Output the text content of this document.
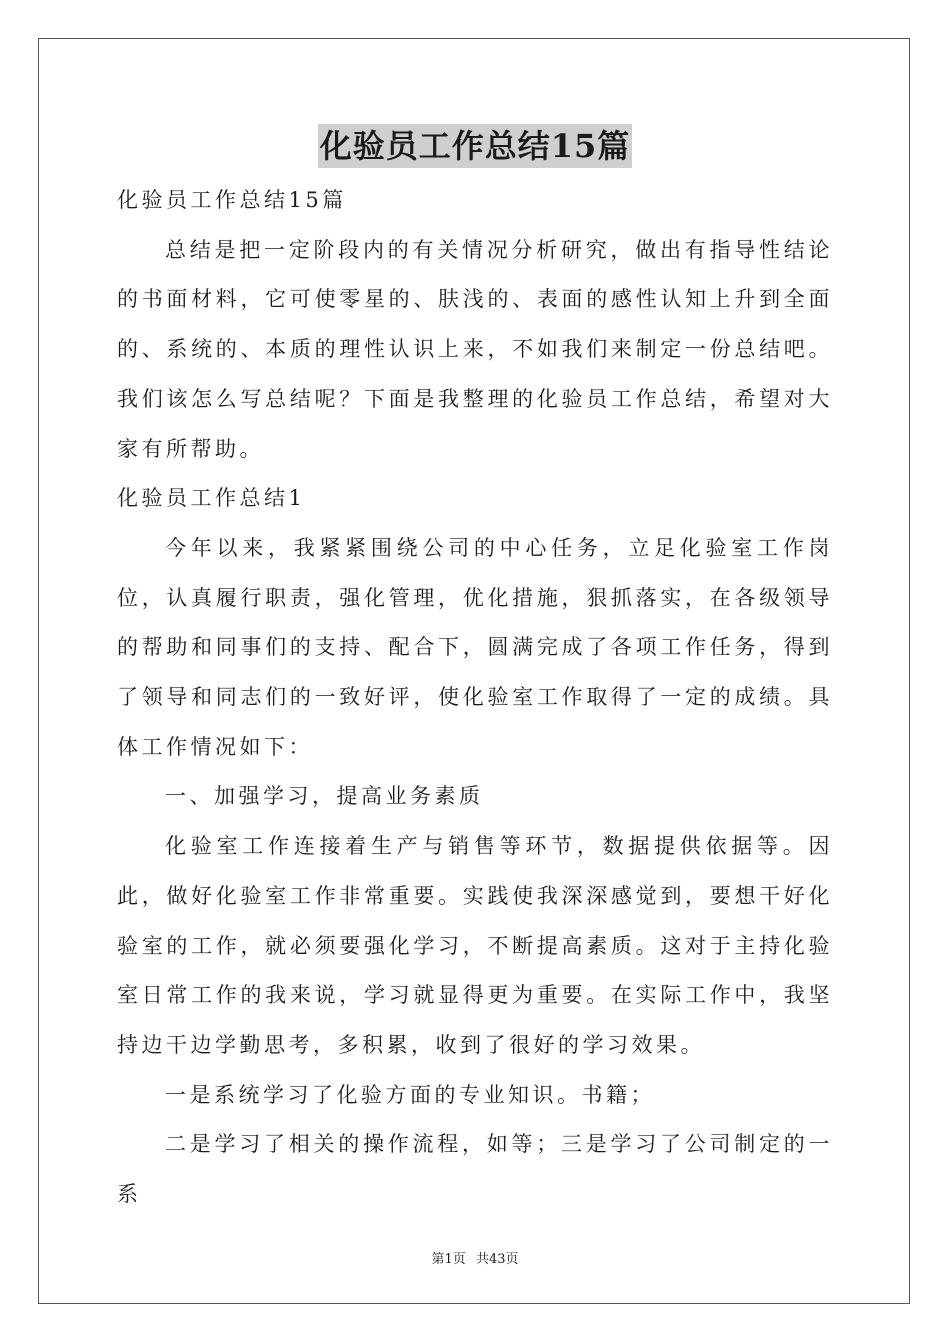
化验员工作总结15篇

化验员工作总结15篇

总结是把一定阶段内的有关情况分析研究，做出有指导性结论的书面材料，它可使零星的、肤浅的、表面的感性认知上升到全面的、系统的、本质的理性认识上来，不如我们来制定一份总结吧。我们该怎么写总结呢？下面是我整理的化验员工作总结，希望对大家有所帮助。

化验员工作总结1

今年以来，我紧紧围绕公司的中心任务，立足化验室工作岗位，认真履行职责，强化管理，优化措施，狠抓落实，在各级领导的帮助和同事们的支持、配合下，圆满完成了各项工作任务，得到了领导和同志们的一致好评，使化验室工作取得了一定的成绩。具体工作情况如下：

一、加强学习，提高业务素质

化验室工作连接着生产与销售等环节，数据提供依据等。因此，做好化验室工作非常重要。实践使我深深感觉到，要想干好化验室的工作，就必须要强化学习，不断提高素质。这对于主持化验室日常工作的我来说，学习就显得更为重要。在实际工作中，我坚持边干边学勤思考，多积累，收到了很好的学习效果。

一是系统学习了化验方面的专业知识。书籍；

二是学习了相关的操作流程，如等；三是学习了公司制定的一系

第1页 共43页
